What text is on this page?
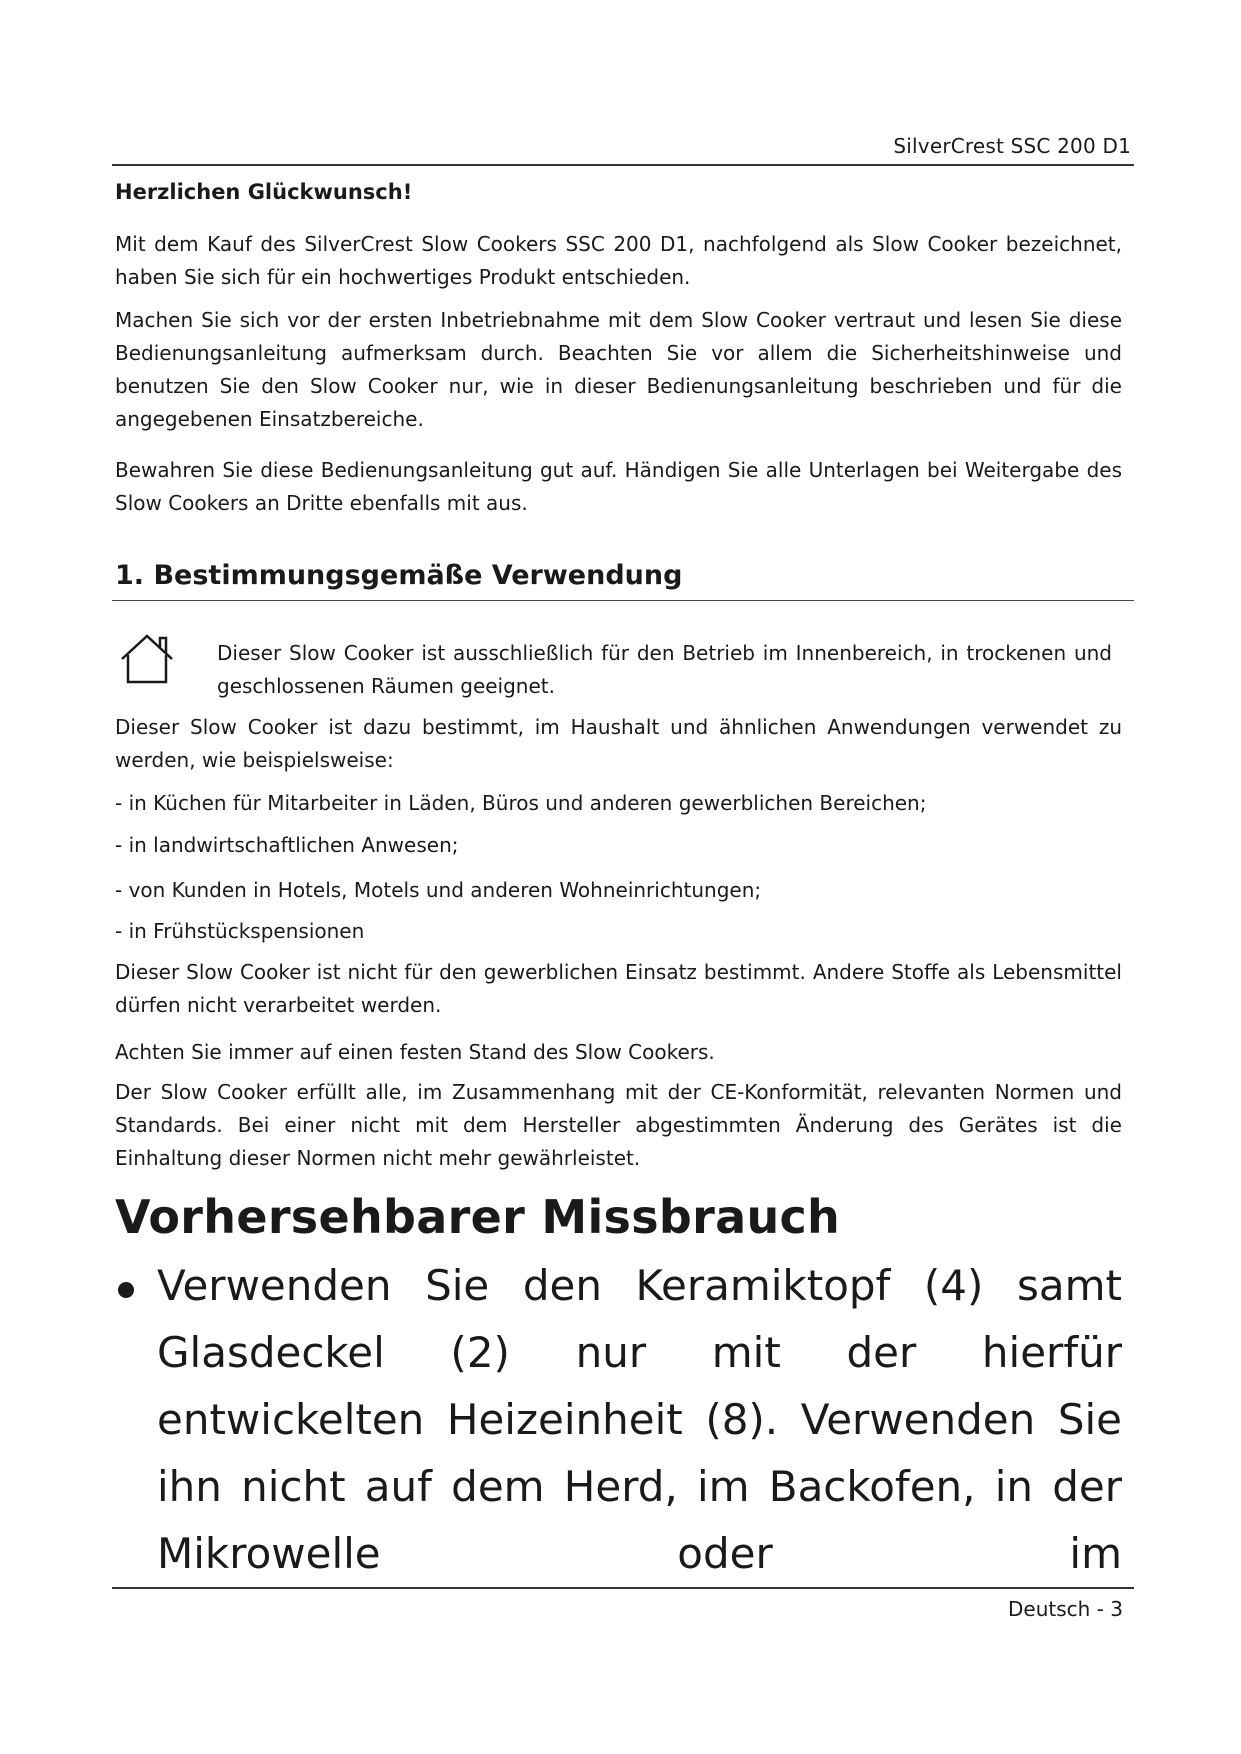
SilverCrest SSC 200 D1
Herzlichen Glückwunsch!
Mit dem Kauf des SilverCrest Slow Cookers SSC 200 D1, nachfolgend als Slow Cooker bezeichnet, haben Sie sich für ein hochwertiges Produkt entschieden.
Machen Sie sich vor der ersten Inbetriebnahme mit dem Slow Cooker vertraut und lesen Sie diese Bedienungsanleitung aufmerksam durch. Beachten Sie vor allem die Sicherheitshinweise und benutzen Sie den Slow Cooker nur, wie in dieser Bedienungsanleitung beschrieben und für die angegebenen Einsatzbereiche.
Bewahren Sie diese Bedienungsanleitung gut auf. Händigen Sie alle Unterlagen bei Weitergabe des Slow Cookers an Dritte ebenfalls mit aus.
1. Bestimmungsgemäße Verwendung
Dieser Slow Cooker ist ausschließlich für den Betrieb im Innenbereich, in trockenen und geschlossenen Räumen geeignet.
Dieser Slow Cooker ist dazu bestimmt, im Haushalt und ähnlichen Anwendungen verwendet zu werden, wie beispielsweise:
- in Küchen für Mitarbeiter in Läden, Büros und anderen gewerblichen Bereichen;
- in landwirtschaftlichen Anwesen;
- von Kunden in Hotels, Motels und anderen Wohneinrichtungen;
- in Frühstückspensionen
Dieser Slow Cooker ist nicht für den gewerblichen Einsatz bestimmt. Andere Stoffe als Lebensmittel dürfen nicht verarbeitet werden.
Achten Sie immer auf einen festen Stand des Slow Cookers.
Der Slow Cooker erfüllt alle, im Zusammenhang mit der CE-Konformität, relevanten Normen und Standards. Bei einer nicht mit dem Hersteller abgestimmten Änderung des Gerätes ist die Einhaltung dieser Normen nicht mehr gewährleistet.
Vorhersehbarer Missbrauch
Verwenden Sie den Keramiktopf (4) samt Glasdeckel (2) nur mit der hierfür entwickelten Heizeinheit (8). Verwenden Sie ihn nicht auf dem Herd, im Backofen, in der Mikrowelle oder im
Deutsch - 3
